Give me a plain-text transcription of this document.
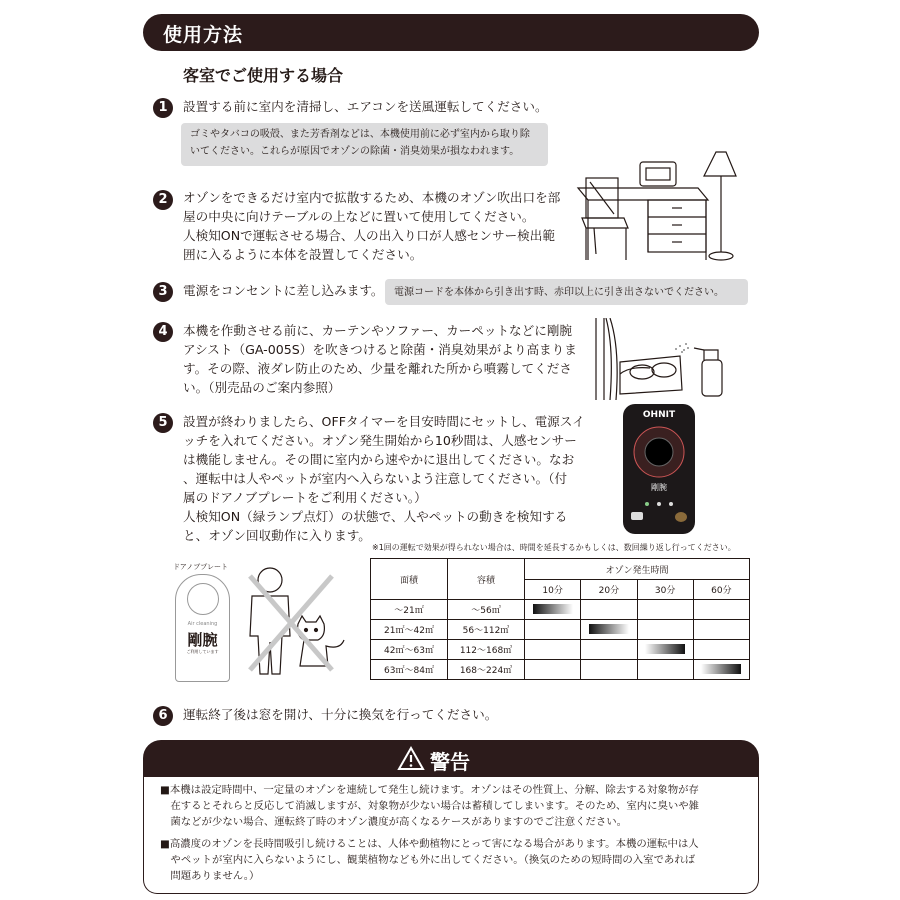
使用方法
客室でご使用する場合
1	設置する前に室内を清掃し、エアコンを送風運転してください。
ゴミやタバコの吸殻、また芳香剤などは、本機使用前に必ず室内から取り除
いてください。これらが原因でオゾンの除菌・消臭効果が損なわれます。
2	オゾンをできるだけ室内で拡散するため、本機のオゾン吹出口を部
屋の中央に向けテーブルの上などに置いて使用してください。
人検知ONで運転させる場合、人の出入り口が人感センサー検出範
囲に入るように本体を設置してください。
3	電源をコンセントに差し込みます。	電源コードを本体から引き出す時、赤印以上に引き出さないでください。
4	本機を作動させる前に、カーテンやソファー、カーペットなどに剛腕
アシスト（GA-005S）を吹きつけると除菌・消臭効果がより高まりま
す。その際、液ダレ防止のため、少量を離れた所から噴霧してくださ
い。（別売品のご案内参照）
5	設置が終わりましたら、OFFタイマーを目安時間にセットし、電源スイ
ッチを入れてください。オゾン発生開始から10秒間は、人感センサー
は機能しません。その間に室内から速やかに退出してください。なお
、運転中は人やペットが室内へ入らないよう注意してください。（付
属のドアノブプレートをご利用ください。）
人検知ON（緑ランプ点灯）の状態で、人やペットの動きを検知する
と、オゾン回収動作に入ります。
OHNIT
剛腕
ドアノブプレート
Air cleaning
剛腕
ご利用しています
※1回の運転で効果が得られない場合は、時間を延長するかもしくは、数回繰り返し行ってください。
面積	容積	オゾン発生時間			
		10分	20分	30分	60分
～21㎡	～56㎥				
21㎡～42㎡	56～112㎥				
42㎡～63㎡	112～168㎥				
63㎡～84㎡	168～224㎥				
6	運転終了後は窓を開け、十分に換気を行ってください。
警告
■本機は設定時間中、一定量のオゾンを連続して発生し続けます。オゾンはその性質上、分解、除去する対象物が存
　在するとそれらと反応して消滅しますが、対象物が少ない場合は蓄積してしまいます。そのため、室内に臭いや雑
　菌などが少ない場合、運転終了時のオゾン濃度が高くなるケースがありますのでご注意ください。
■高濃度のオゾンを長時間吸引し続けることは、人体や動植物にとって害になる場合があります。本機の運転中は人
　やペットが室内に入らないようにし、観葉植物なども外に出してください。（換気のための短時間の入室であれば
　問題ありません。）
